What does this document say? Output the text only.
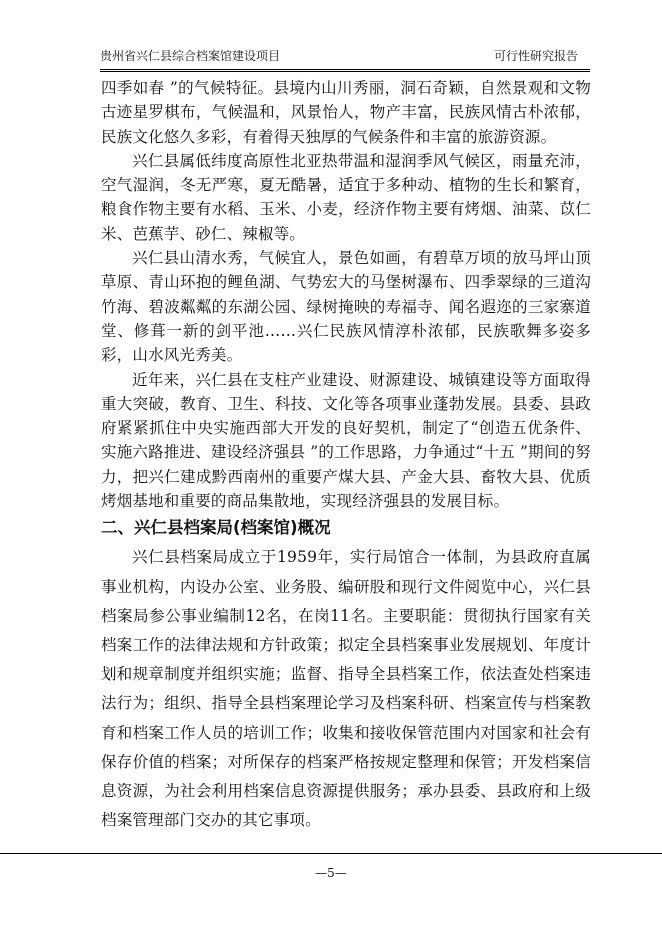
贵州省兴仁县综合档案馆建设项目	可行性研究报告

四季如春 ”的气候特征。县境内山川秀丽，洞石奇颖，自然景观和文物古迹星罗棋布，气候温和，风景怡人，物产丰富，民族风情古朴浓郁，民族文化悠久多彩，有着得天独厚的气候条件和丰富的旅游资源。

兴仁县属低纬度高原性北亚热带温和湿润季风气候区，雨量充沛，空气湿润，冬无严寒，夏无酷暑，适宜于多种动、植物的生长和繁育，粮食作物主要有水稻、玉米、小麦，经济作物主要有烤烟、油菜、苡仁米、芭蕉芋、砂仁、辣椒等。

兴仁县山清水秀，气候宜人，景色如画，有碧草万顷的放马坪山顶草原、青山环抱的鲤鱼湖、气势宏大的马堡树瀑布、四季翠绿的三道沟竹海、碧波粼粼的东湖公园、绿树掩映的寿福寺、闻名遐迩的三家寨道堂、修葺一新的剑平池……兴仁民族风情淳朴浓郁，民族歌舞多姿多彩，山水风光秀美。

近年来，兴仁县在支柱产业建设、财源建设、城镇建设等方面取得重大突破，教育、卫生、科技、文化等各项事业蓬勃发展。县委、县政府紧紧抓住中央实施西部大开发的良好契机，制定了“创造五优条件、实施六路推进、建设经济强县 ”的工作思路，力争通过“十五 ”期间的努力，把兴仁建成黔西南州的重要产煤大县、产金大县、畜牧大县、优质烤烟基地和重要的商品集散地，实现经济强县的发展目标。

二、兴仁县档案局(档案馆)概况

兴仁县档案局成立于1959年，实行局馆合一体制，为县政府直属事业机构，内设办公室、业务股、编研股和现行文件阅览中心，兴仁县档案局参公事业编制12名，在岗11名。主要职能：贯彻执行国家有关档案工作的法律法规和方针政策；拟定全县档案事业发展规划、年度计划和规章制度并组织实施；监督、指导全县档案工作，依法查处档案违法行为；组织、指导全县档案理论学习及档案科研、档案宣传与档案教育和档案工作人员的培训工作；收集和接收保管范围内对国家和社会有保存价值的档案；对所保存的档案严格按规定整理和保管；开发档案信息资源，为社会利用档案信息资源提供服务；承办县委、县政府和上级档案管理部门交办的其它事项。

—5—
